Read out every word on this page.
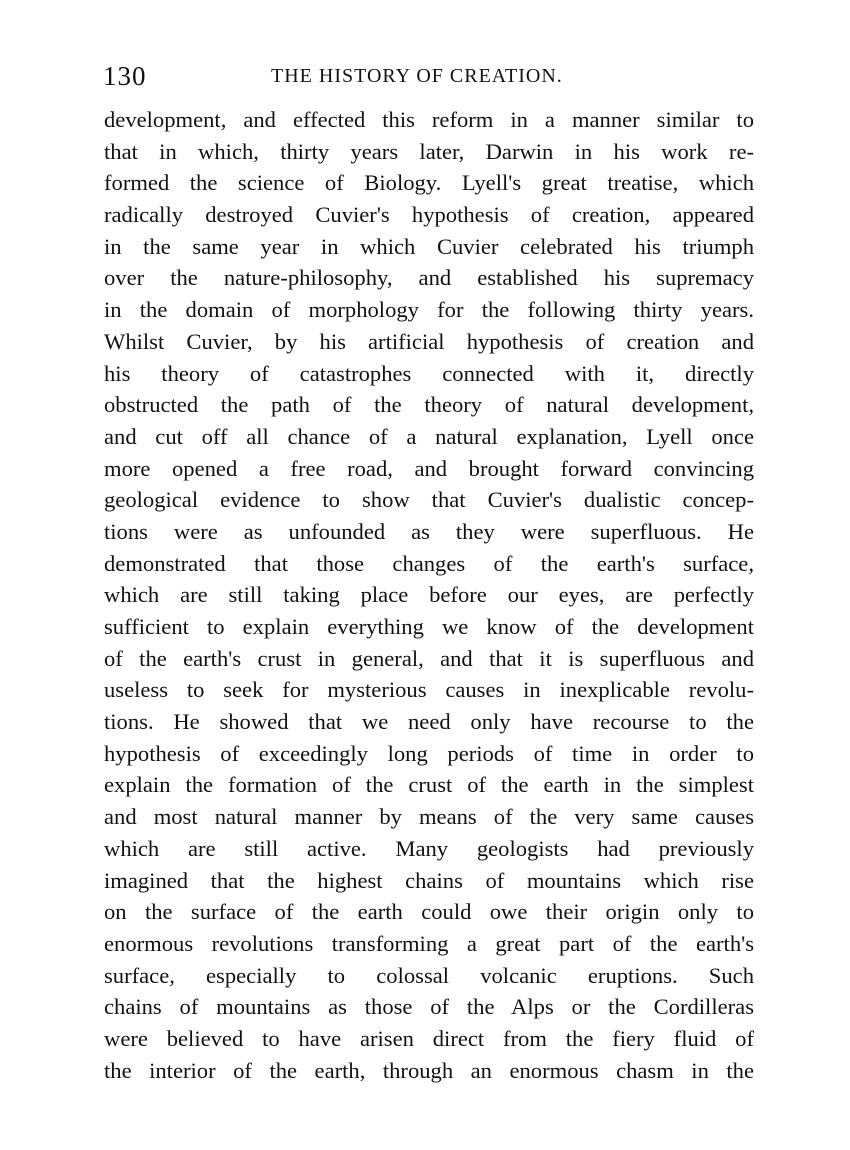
130	THE HISTORY OF CREATION.
development, and effected this reform in a manner similar to
that in which, thirty years later, Darwin in his work re-
formed the science of Biology. Lyell's great treatise, which
radically destroyed Cuvier's hypothesis of creation, appeared
in the same year in which Cuvier celebrated his triumph
over the nature-philosophy, and established his supremacy
in the domain of morphology for the following thirty years.
Whilst Cuvier, by his artificial hypothesis of creation and
his theory of catastrophes connected with it, directly
obstructed the path of the theory of natural development,
and cut off all chance of a natural explanation, Lyell once
more opened a free road, and brought forward convincing
geological evidence to show that Cuvier's dualistic concep-
tions were as unfounded as they were superfluous. He
demonstrated that those changes of the earth's surface,
which are still taking place before our eyes, are perfectly
sufficient to explain everything we know of the development
of the earth's crust in general, and that it is superfluous and
useless to seek for mysterious causes in inexplicable revolu-
tions. He showed that we need only have recourse to the
hypothesis of exceedingly long periods of time in order to
explain the formation of the crust of the earth in the simplest
and most natural manner by means of the very same causes
which are still active. Many geologists had previously
imagined that the highest chains of mountains which rise
on the surface of the earth could owe their origin only to
enormous revolutions transforming a great part of the earth's
surface, especially to colossal volcanic eruptions. Such
chains of mountains as those of the Alps or the Cordilleras
were believed to have arisen direct from the fiery fluid of
the interior of the earth, through an enormous chasm in the
